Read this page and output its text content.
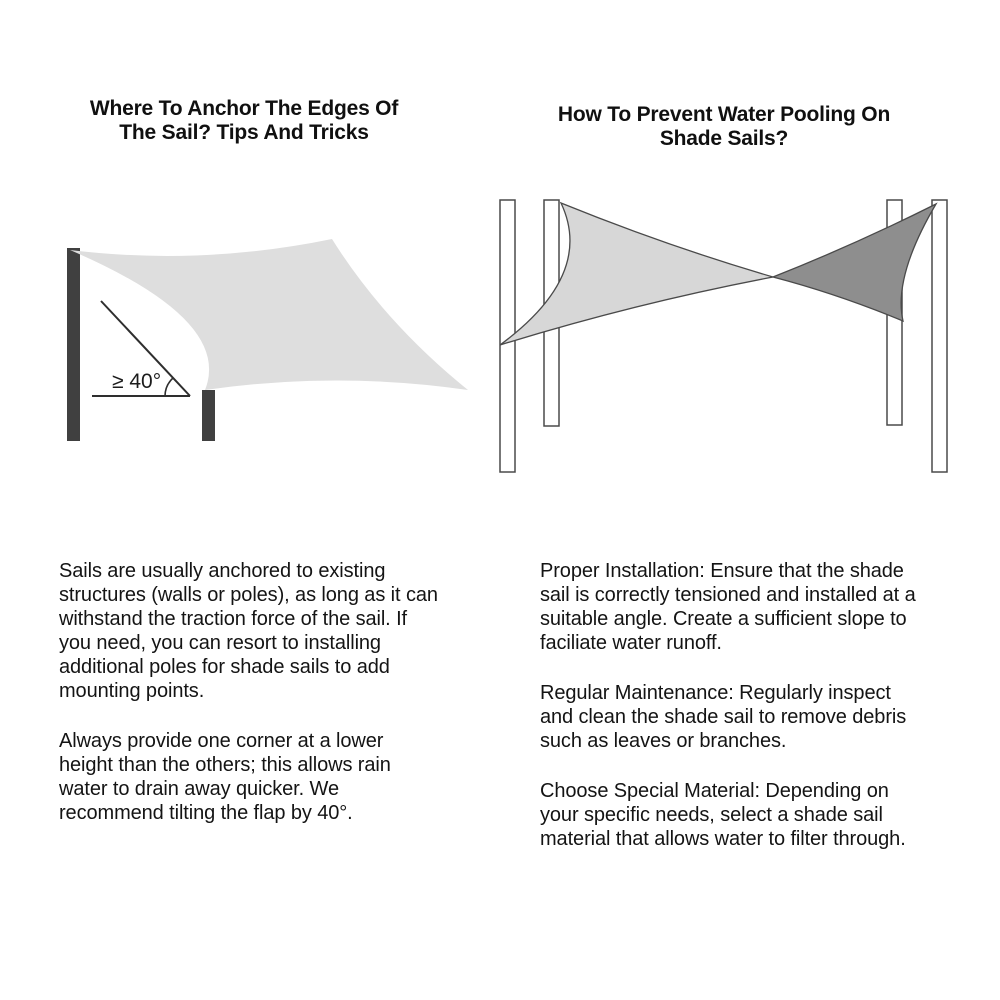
Where To Anchor The Edges Of
The Sail? Tips And Tricks
≥ 40°

Sails are usually anchored to existing
structures (walls or poles), as long as it can
withstand the traction force of the sail. If
you need, you can resort to installing
additional poles for shade sails to add
mounting points.

Always provide one corner at a lower
height than the others; this allows rain
water to drain away quicker. We
recommend tilting the flap by 40°.

How To Prevent Water Pooling On
Shade Sails?

Proper Installation: Ensure that the shade
sail is correctly tensioned and installed at a
suitable angle. Create a sufficient slope to
faciliate water runoff.

Regular Maintenance: Regularly inspect
and clean the shade sail to remove debris
such as leaves or branches.

Choose Special Material: Depending on
your specific needs, select a shade sail
material that allows water to filter through.
